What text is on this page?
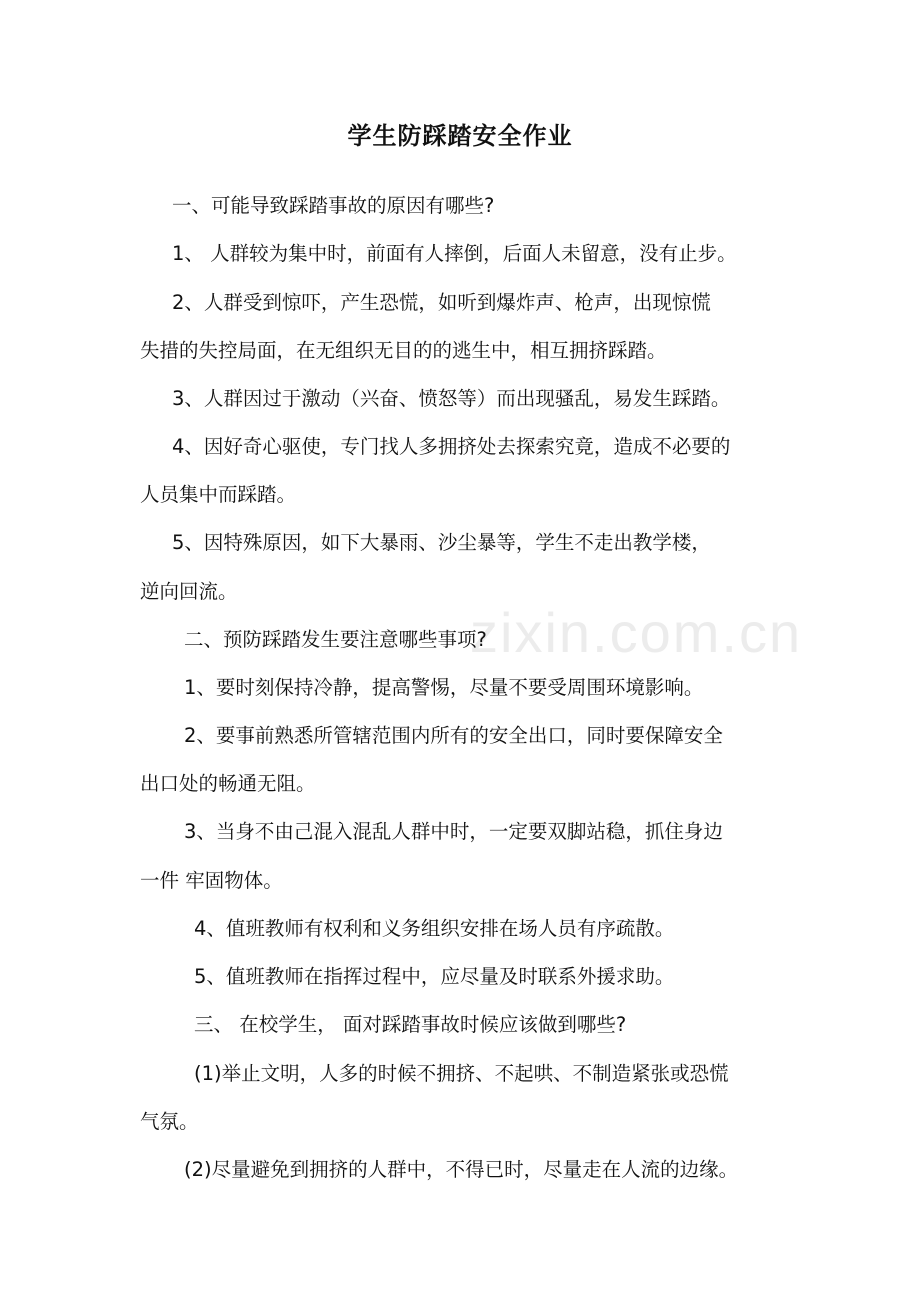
zixin.com.cn
学生防踩踏安全作业
一、可能导致踩踏事故的原因有哪些?
1、 人群较为集中时，前面有人摔倒，后面人未留意，没有止步。
2、人群受到惊吓，产生恐慌，如听到爆炸声、枪声，出现惊慌
失措的失控局面，在无组织无目的的逃生中，相互拥挤踩踏。
3、人群因过于激动（兴奋、愤怒等）而出现骚乱，易发生踩踏。
4、因好奇心驱使，专门找人多拥挤处去探索究竟，造成不必要的
人员集中而踩踏。
5、因特殊原因，如下大暴雨、沙尘暴等，学生不走出教学楼，
逆向回流。
二、预防踩踏发生要注意哪些事项?
1、要时刻保持冷静，提高警惕，尽量不要受周围环境影响。
2、要事前熟悉所管辖范围内所有的安全出口，同时要保障安全
出口处的畅通无阻。
3、当身不由己混入混乱人群中时，一定要双脚站稳，抓住身边
一件 牢固物体。
4、值班教师有权利和义务组织安排在场人员有序疏散。
5、值班教师在指挥过程中，应尽量及时联系外援求助。
三、 在校学生， 面对踩踏事故时候应该做到哪些?
(1)举止文明，人多的时候不拥挤、不起哄、不制造紧张或恐慌
气氛。
(2)尽量避免到拥挤的人群中，不得已时，尽量走在人流的边缘。
